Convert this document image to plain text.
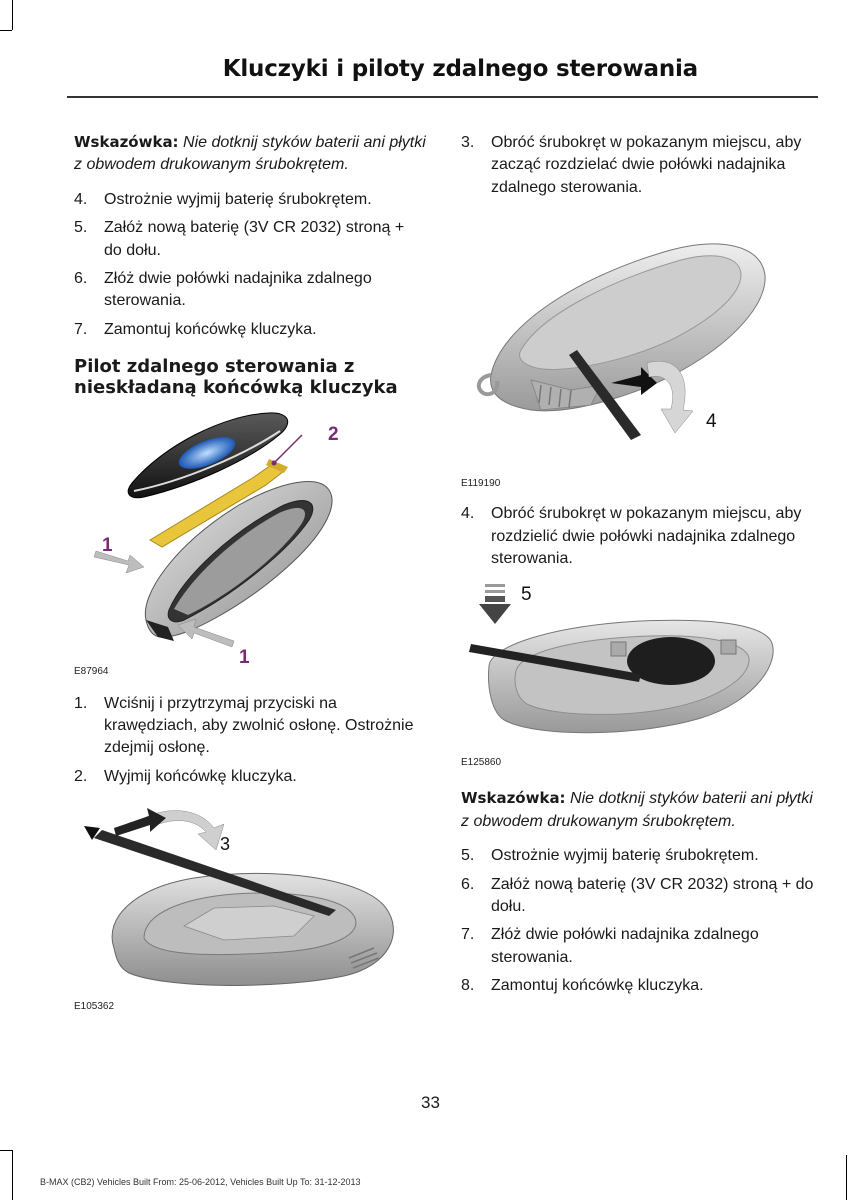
Kluczyki i piloty zdalnego sterowania
Wskazówka: Nie dotknij styków baterii ani płytki z obwodem drukowanym śrubokrętem.
4.	Ostrożnie wyjmij baterię śrubokrętem.
5.	Załóż nową baterię (3V CR 2032) stroną + do dołu.
6.	Złóż dwie połówki nadajnika zdalnego sterowania.
7.	Zamontuj końcówkę kluczyka.
Pilot zdalnego sterowania z nieskładaną końcówką kluczyka
2
1
1
E87964
1.	Wciśnij i przytrzymaj przyciski na krawędziach, aby zwolnić osłonę. Ostrożnie zdejmij osłonę.
2.	Wyjmij końcówkę kluczyka.
3
E105362
3.	Obróć śrubokręt w pokazanym miejscu, aby zacząć rozdzielać dwie połówki nadajnika zdalnego sterowania.
4
E119190
4.	Obróć śrubokręt w pokazanym miejscu, aby rozdzielić dwie połówki nadajnika zdalnego sterowania.
5
E125860
Wskazówka: Nie dotknij styków baterii ani płytki z obwodem drukowanym śrubokrętem.
5.	Ostrożnie wyjmij baterię śrubokrętem.
6.	Załóż nową baterię (3V CR 2032) stroną + do dołu.
7.	Złóż dwie połówki nadajnika zdalnego sterowania.
8.	Zamontuj końcówkę kluczyka.
33
B-MAX (CB2) Vehicles Built From: 25-06-2012, Vehicles Built Up To: 31-12-2013
